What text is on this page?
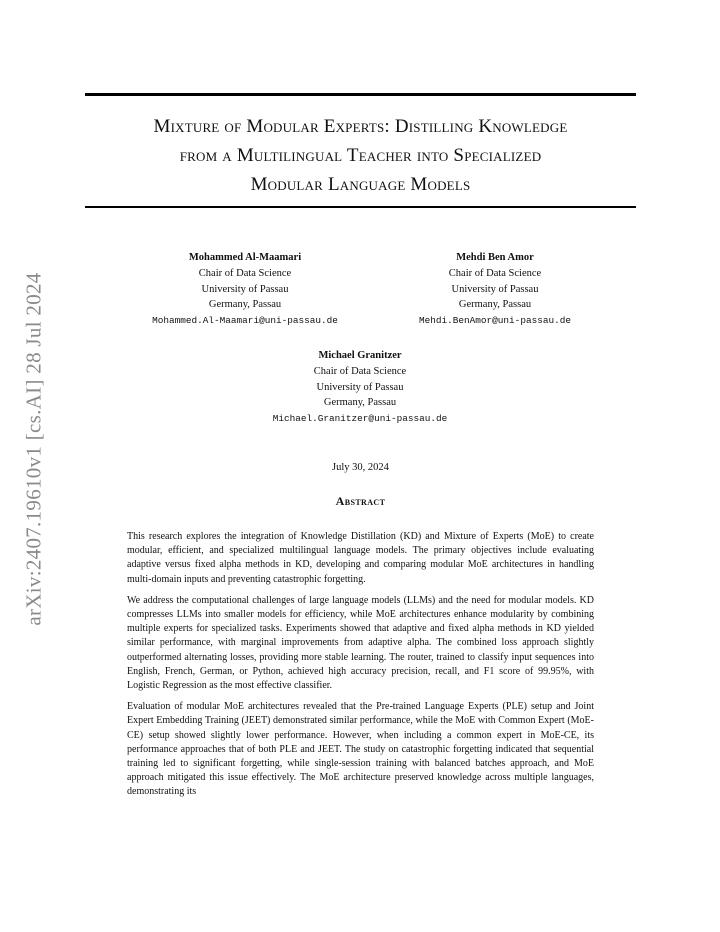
arXiv:2407.19610v1 [cs.AI] 28 Jul 2024
Mixture of Modular Experts: Distilling Knowledge
from a Multilingual Teacher into Specialized
Modular Language Models
Mohammed Al-Maamari
Chair of Data Science
University of Passau
Germany, Passau
Mohammed.Al-Maamari@uni-passau.de
Mehdi Ben Amor
Chair of Data Science
University of Passau
Germany, Passau
Mehdi.BenAmor@uni-passau.de
Michael Granitzer
Chair of Data Science
University of Passau
Germany, Passau
Michael.Granitzer@uni-passau.de
July 30, 2024
Abstract

This research explores the integration of Knowledge Distillation (KD) and Mixture of Experts (MoE) to create modular, efficient, and specialized multilingual language models. The primary objectives include evaluating adaptive versus fixed alpha methods in KD, developing and comparing modular MoE architectures in handling multi-domain inputs and preventing catastrophic forgetting.

We address the computational challenges of large language models (LLMs) and the need for modular models. KD compresses LLMs into smaller models for efficiency, while MoE architectures enhance modularity by combining multiple experts for specialized tasks. Experiments showed that adaptive and fixed alpha methods in KD yielded similar performance, with marginal improvements from adaptive alpha. The combined loss approach slightly outperformed alternating losses, providing more stable learning. The router, trained to classify input sequences into English, French, German, or Python, achieved high accuracy precision, recall, and F1 score of 99.95%, with Logistic Regression as the most effective classifier.

Evaluation of modular MoE architectures revealed that the Pre-trained Language Experts (PLE) setup and Joint Expert Embedding Training (JEET) demonstrated similar performance, while the MoE with Common Expert (MoE-CE) setup showed slightly lower performance. However, when including a common expert in MoE-CE, its performance approaches that of both PLE and JEET. The study on catastrophic forgetting indicated that sequential training led to significant forgetting, while single-session training with balanced batches approach, and MoE approach mitigated this issue effectively. The MoE architecture preserved knowledge across multiple languages, demonstrating its
